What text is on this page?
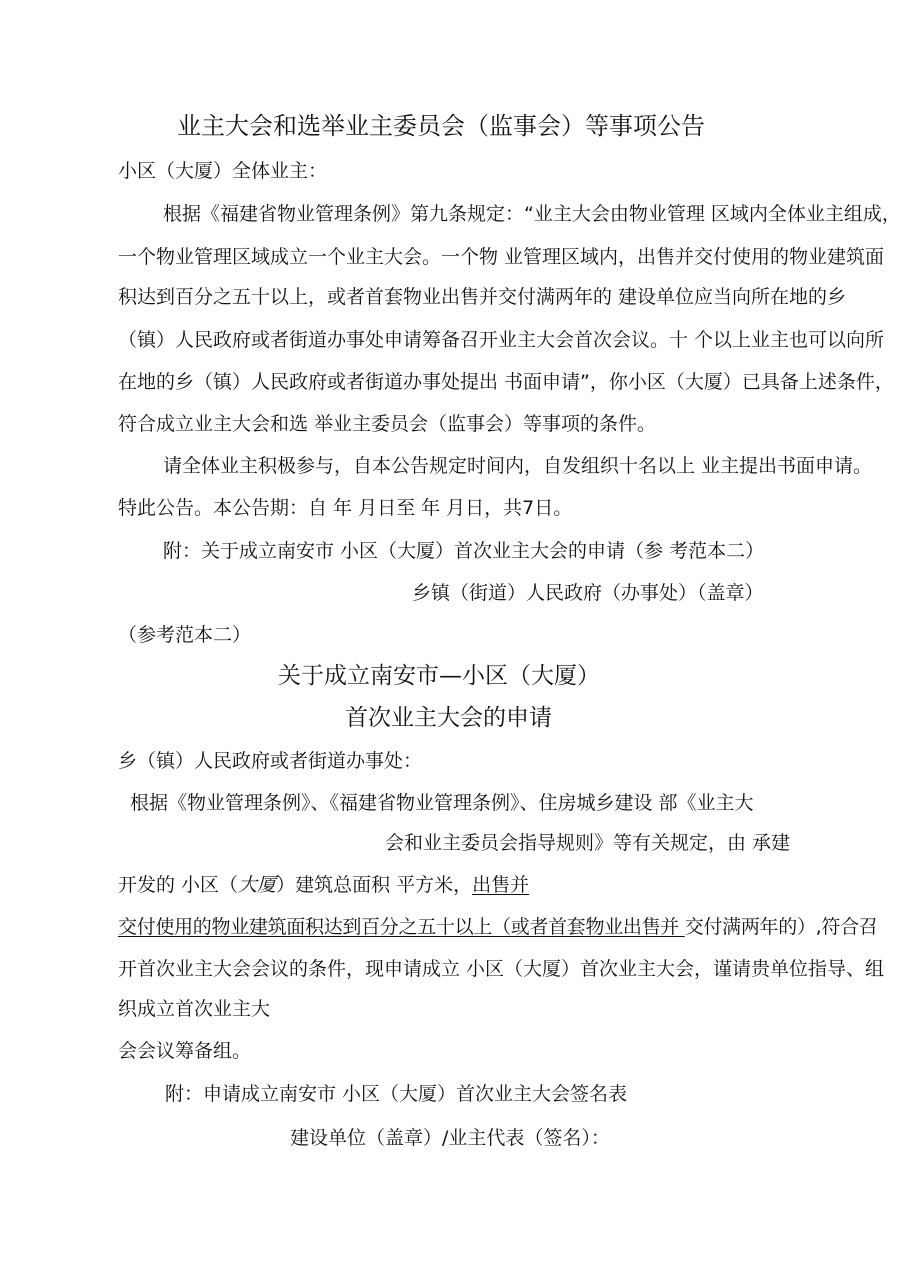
业主大会和选举业主委员会（监事会）等事项公告
小区（大厦）全体业主：
根据《福建省物业管理条例》第九条规定：“业主大会由物业管理 区域内全体业主组成，
一个物业管理区域成立一个业主大会。一个物 业管理区域内，出售并交付使用的物业建筑面
积达到百分之五十以上，或者首套物业出售并交付满两年的 建设单位应当向所在地的乡
（镇）人民政府或者街道办事处申请筹备召开业主大会首次会议。十 个以上业主也可以向所
在地的乡（镇）人民政府或者街道办事处提出 书面申请”，你小区（大厦）已具备上述条件，
符合成立业主大会和选 举业主委员会（监事会）等事项的条件。
请全体业主积极参与，自本公告规定时间内，自发组织十名以上 业主提出书面申请。
特此公告。本公告期：自 年 月日至 年 月日，共7日。
附：关于成立南安市 小区（大厦）首次业主大会的申请（参 考范本二）
乡镇（街道）人民政府（办事处）（盖章）
（参考范本二）
关于成立南安市—小区（大厦）
首次业主大会的申请
乡（镇）人民政府或者街道办事处：
根据《物业管理条例》、《福建省物业管理条例》、住房城乡建设 部《业主大
会和业主委员会指导规则》等有关规定，由 承建
开发的 小区（大厦）建筑总面积 平方米，出售并
交付使用的物业建筑面积达到百分之五十以上（或者首套物业出售并 交付满两年的）,符合召
开首次业主大会会议的条件，现申请成立 小区（大厦）首次业主大会，谨请贵单位指导、组
织成立首次业主大
会会议筹备组。
附：申请成立南安市 小区（大厦）首次业主大会签名表
建设单位（盖章）/业主代表（签名）：
